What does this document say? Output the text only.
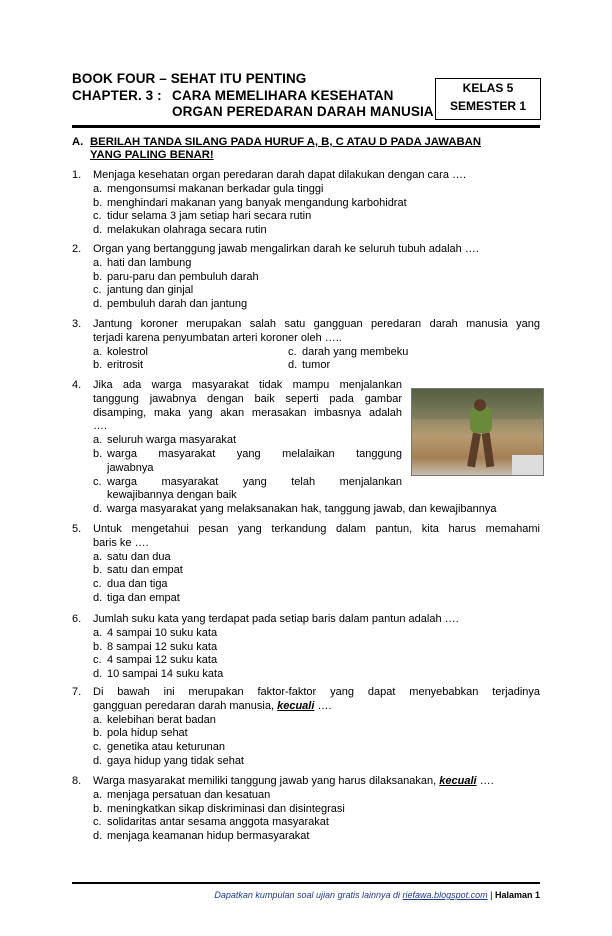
BOOK FOUR – SEHAT ITU PENTING
CHAPTER. 3 : CARA MEMELIHARA KESEHATAN
ORGAN PEREDARAN DARAH MANUSIA
KELAS 5
SEMESTER 1
A. BERILAH TANDA SILANG PADA HURUF A, B, C ATAU D PADA JAWABAN
YANG PALING BENAR!
1. Menjaga kesehatan organ peredaran darah dapat dilakukan dengan cara ….
a. mengonsumsi makanan berkadar gula tinggi
b. menghindari makanan yang banyak mengandung karbohidrat
c. tidur selama 3 jam setiap hari secara rutin
d. melakukan olahraga secara rutin
2. Organ yang bertanggung jawab mengalirkan darah ke seluruh tubuh adalah ….
a. hati dan lambung
b. paru-paru dan pembuluh darah
c. jantung dan ginjal
d. pembuluh darah dan jantung
3. Jantung koroner merupakan salah satu gangguan peredaran darah manusia yang
terjadi karena penyumbatan arteri koroner oleh …..
a. kolestrol	c. darah yang membeku
b. eritrosit	d. tumor
4. Jika ada warga masyarakat tidak mampu menjalankan
tanggung jawabnya dengan baik seperti pada gambar
disamping, maka yang akan merasakan imbasnya adalah
….
a. seluruh warga masyarakat
b. warga masyarakat yang melalaikan tanggung
jawabnya
c. warga masyarakat yang telah menjalankan
kewajibannya dengan baik
d. warga masyarakat yang melaksanakan hak, tanggung jawab, dan kewajibannya
5. Untuk mengetahui pesan yang terkandung dalam pantun, kita harus memahami
baris ke ….
a. satu dan dua
b. satu dan empat
c. dua dan tiga
d. tiga dan empat
6. Jumlah suku kata yang terdapat pada setiap baris dalam pantun adalah ….
a. 4 sampai 10 suku kata
b. 8 sampai 12 suku kata
c. 4 sampai 12 suku kata
d. 10 sampai 14 suku kata
7. Di bawah ini merupakan faktor-faktor yang dapat menyebabkan terjadinya
gangguan peredaran darah manusia, kecuali ….
a. kelebihan berat badan
b. pola hidup sehat
c. genetika atau keturunan
d. gaya hidup yang tidak sehat
8. Warga masyarakat memiliki tanggung jawab yang harus dilaksanakan, kecuali ….
a. menjaga persatuan dan kesatuan
b. meningkatkan sikap diskriminasi dan disintegrasi
c. solidaritas antar sesama anggota masyarakat
d. menjaga keamanan hidup bermasyarakat
Dapatkan kumpulan soal ujian gratis lainnya di riefawa.blogspot.com | Halaman 1
